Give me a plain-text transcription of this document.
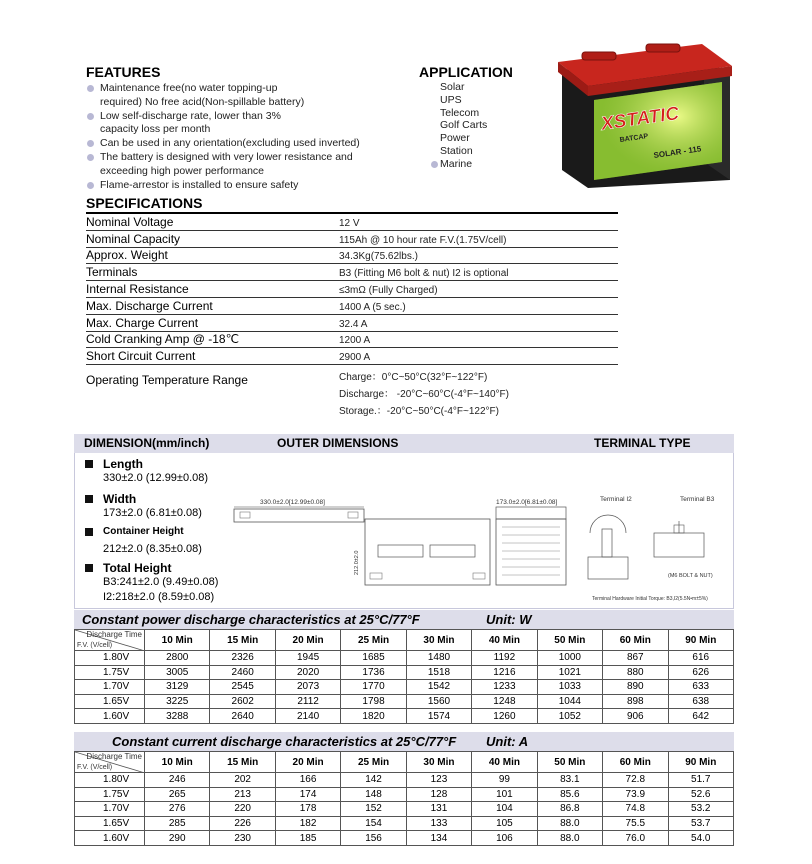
FEATURES
Maintenance free(no water topping-up
required) No free acid(Non-spillable battery)
Low self-discharge rate, lower than 3%
capacity loss per month
Can be used in any orientation(excluding used inverted)
The battery is designed with very lower resistance and
exceeding high power performance
Flame-arrestor is installed to ensure safety
APPLICATION
Solar
UPS
Telecom
Golf Carts
Power
Station
Marine
XSTATIC
BATCAP
SOLAR - 115
SPECIFICATIONS
Nominal Voltage	12 V
Nominal Capacity	115Ah @ 10 hour rate F.V.(1.75V/cell)
Approx. Weight	34.3Kg(75.62lbs.)
Terminals	B3 (Fitting M6 bolt & nut) I2 is optional
Internal Resistance	≤3mΩ (Fully Charged)
Max. Discharge Current	1400 A (5 sec.)
Max. Charge Current	32.4 A
Cold Cranking Amp @ -18℃	1200 A
Short Circuit Current	2900 A
Operating Temperature Range	Charge：0°C~50°C(32°F~122°F)
Discharge： -20°C~60°C(-4°F~140°F)
Storage.：-20°C~50°C(-4°F~122°F)
DIMENSION(mm/inch)	OUTER DIMENSIONS	TERMINAL TYPE
Length
330±2.0 (12.99±0.08)
Width
173±2.0 (6.81±0.08)
Container Height
212±2.0 (8.35±0.08)
Total Height
B3:241±2.0 (9.49±0.08)
I2:218±2.0 (8.59±0.08)
330.0±2.0[12.99±0.08]
212.0±2.0
173.0±2.0[6.81±0.08]	Terminal I2	Terminal B3
(M6 BOLT & NUT)
Terminal Hardware Initial Torque: B3,I2(5.5N•m±5%)
Constant power discharge characteristics at 25°C/77°F	Unit: W
Discharge Time
F.V. (V/cell)	10 Min	15 Min	20 Min	25 Min	30 Min	40 Min	50 Min	60 Min	90 Min
1.80V	2800	2326	1945	1685	1480	1192	1000	867	616
1.75V	3005	2460	2020	1736	1518	1216	1021	880	626
1.70V	3129	2545	2073	1770	1542	1233	1033	890	633
1.65V	3225	2602	2112	1798	1560	1248	1044	898	638
1.60V	3288	2640	2140	1820	1574	1260	1052	906	642
Constant current discharge characteristics at 25°C/77°F Unit: A
Discharge Time
F.V. (V/cell)	10 Min	15 Min	20 Min	25 Min	30 Min	40 Min	50 Min	60 Min	90 Min
1.80V	246	202	166	142	123	99	83.1	72.8	51.7
1.75V	265	213	174	148	128	101	85.6	73.9	52.6
1.70V	276	220	178	152	131	104	86.8	74.8	53.2
1.65V	285	226	182	154	133	105	88.0	75.5	53.7
1.60V	290	230	185	156	134	106	88.0	76.0	54.0
